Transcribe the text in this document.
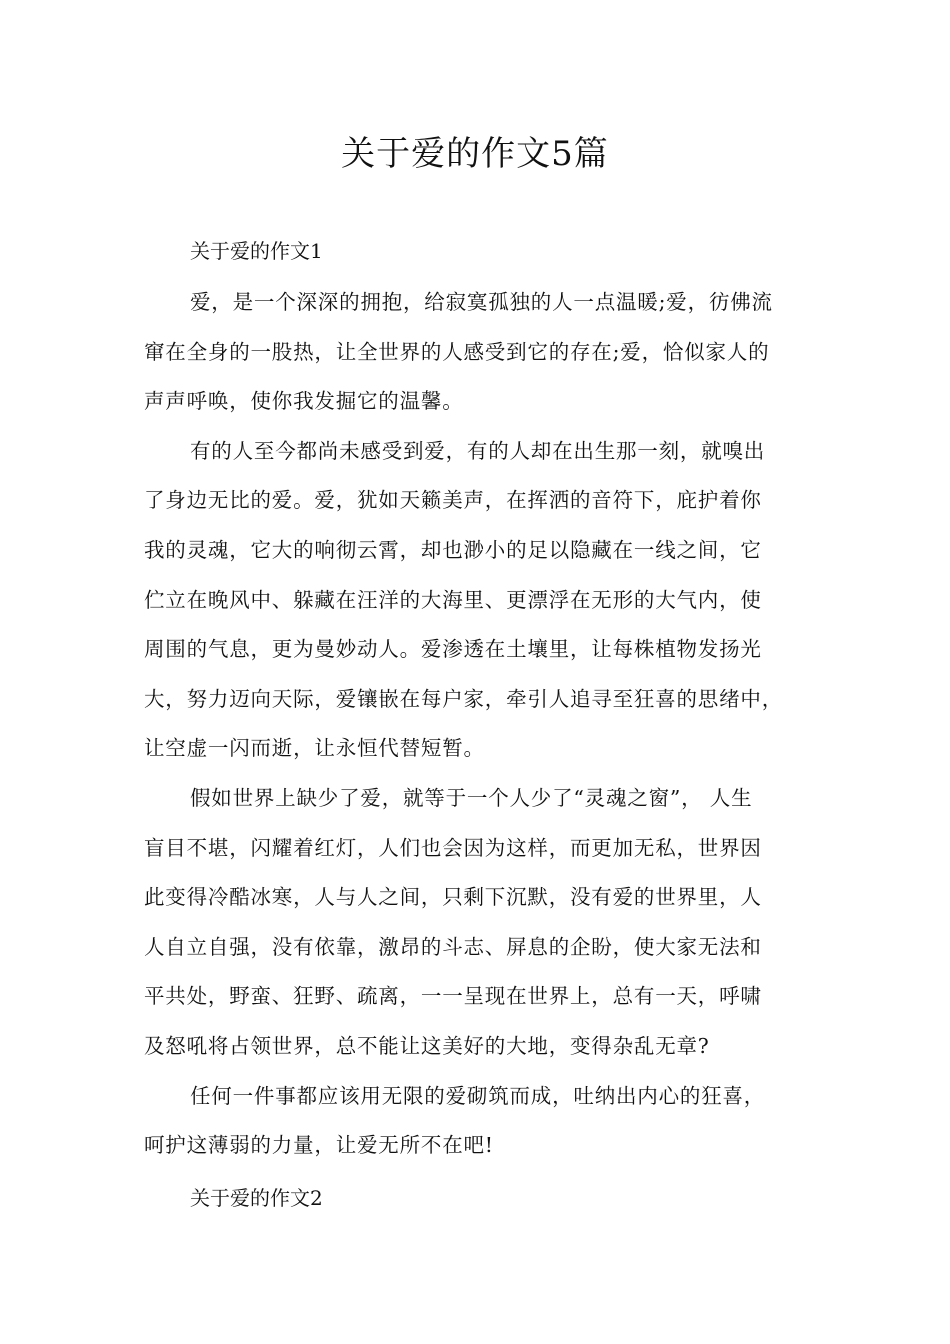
关于爱的作文5篇
关于爱的作文1
爱，是一个深深的拥抱，给寂寞孤独的人一点温暖;爱，彷佛流
窜在全身的一股热，让全世界的人感受到它的存在;爱，恰似家人的
声声呼唤，使你我发掘它的温馨。
有的人至今都尚未感受到爱，有的人却在出生那一刻，就嗅出
了身边无比的爱。爱，犹如天籁美声，在挥洒的音符下，庇护着你
我的灵魂，它大的响彻云霄，却也渺小的足以隐藏在一线之间，它
伫立在晚风中、躲藏在汪洋的大海里、更漂浮在无形的大气内，使
周围的气息，更为曼妙动人。爱渗透在土壤里，让每株植物发扬光
大，努力迈向天际，爱镶嵌在每户家，牵引人追寻至狂喜的思绪中，
让空虚一闪而逝，让永恒代替短暂。
假如世界上缺少了爱，就等于一个人少了“灵魂之窗”， 人生
盲目不堪，闪耀着红灯，人们也会因为这样，而更加无私，世界因
此变得冷酷冰寒，人与人之间，只剩下沉默，没有爱的世界里，人
人自立自强，没有依靠，激昂的斗志、屏息的企盼，使大家无法和
平共处，野蛮、狂野、疏离，一一呈现在世界上，总有一天，呼啸
及怒吼将占领世界，总不能让这美好的大地，变得杂乱无章?
任何一件事都应该用无限的爱砌筑而成，吐纳出内心的狂喜，
呵护这薄弱的力量，让爱无所不在吧!
关于爱的作文2
